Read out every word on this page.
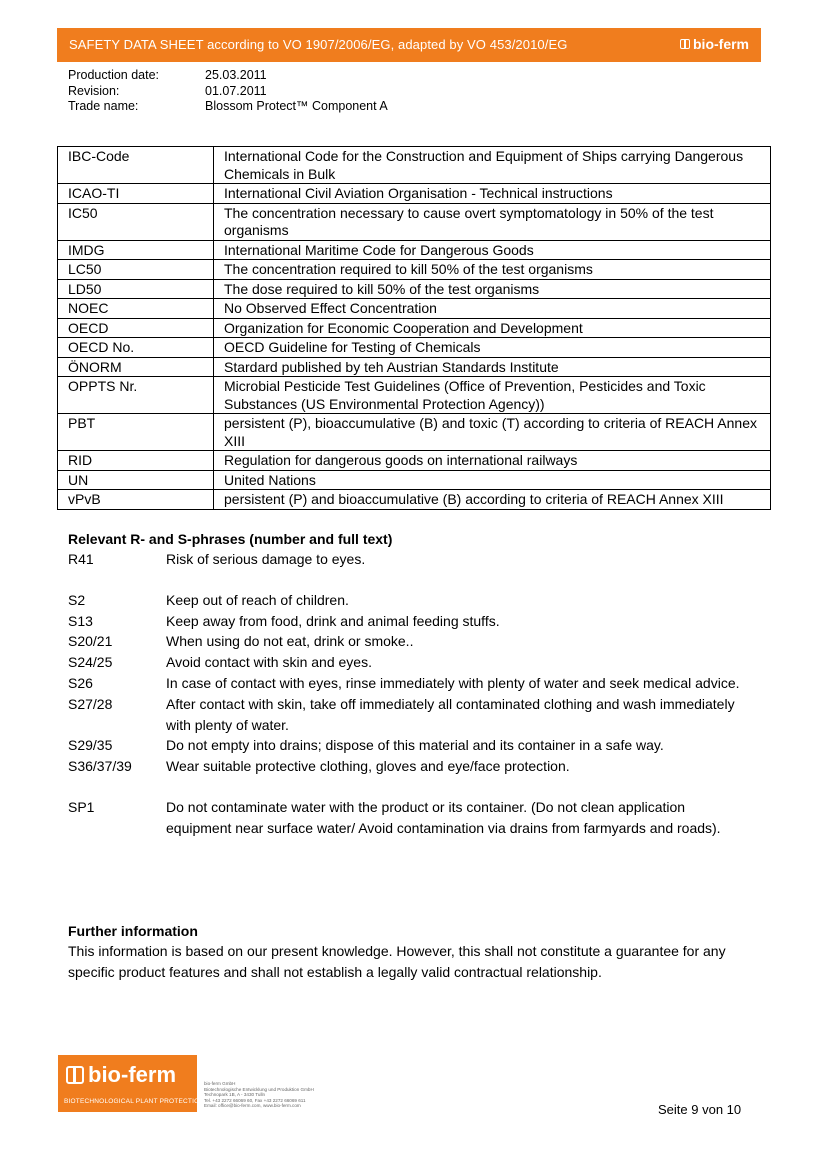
SAFETY DATA SHEET according to VO 1907/2006/EG, adapted by VO 453/2010/EG	bio-ferm
Production date:	25.03.2011
Revision:	01.07.2011
Trade name:	Blossom Protect™ Component A
IBC-Code	International Code for the Construction and Equipment of Ships carrying Dangerous Chemicals in Bulk
ICAO-TI	International Civil Aviation Organisation - Technical instructions
IC50	The concentration necessary to cause overt symptomatology in 50% of the test organisms
IMDG	International Maritime Code for Dangerous Goods
LC50	The concentration required to kill 50% of the test organisms
LD50	The dose required to kill 50% of the test organisms
NOEC	No Observed Effect Concentration
OECD	Organization for Economic Cooperation and Development
OECD No.	OECD Guideline for Testing of Chemicals
ÖNORM	Stardard published by teh Austrian Standards Institute
OPPTS Nr.	Microbial Pesticide Test Guidelines (Office of Prevention, Pesticides and Toxic Substances (US Environmental Protection Agency))
PBT	persistent (P), bioaccumulative (B) and toxic (T) according to criteria of REACH Annex XIII
RID	Regulation for dangerous goods on international railways
UN	United Nations
vPvB	persistent (P) and bioaccumulative (B) according to criteria of REACH Annex XIII
Relevant R- and S-phrases (number and full text)
R41	Risk of serious damage to eyes.
S2	Keep out of reach of children.
S13	Keep away from food, drink and animal feeding stuffs.
S20/21	When using do not eat, drink or smoke..
S24/25	Avoid contact with skin and eyes.
S26	In case of contact with eyes, rinse immediately with plenty of water and seek medical advice.
S27/28	After contact with skin, take off immediately all contaminated clothing and wash immediately with plenty of water.
S29/35	Do not empty into drains; dispose of this material and its container in a safe way.
S36/37/39	Wear suitable protective clothing, gloves and eye/face protection.
SP1	Do not contaminate water with the product or its container. (Do not clean application equipment near surface water/ Avoid contamination via drains from farmyards and roads).
Further information
This information is based on our present knowledge. However, this shall not constitute a guarantee for any specific product features and shall not establish a legally valid contractual relationship.
bio-ferm
BIOTECHNOLOGICAL PLANT PROTECTION
bio-ferm GmbH
Biotechnologische Entwicklung und Produktion GmbH
Technopark 1B, A - 3430 Tulln
Tel. +43 2272 66069 60, Fax +43 2272 66069 611
Email: office@bio-ferm.com, www.bio-ferm.com	Seite 9 von 10
